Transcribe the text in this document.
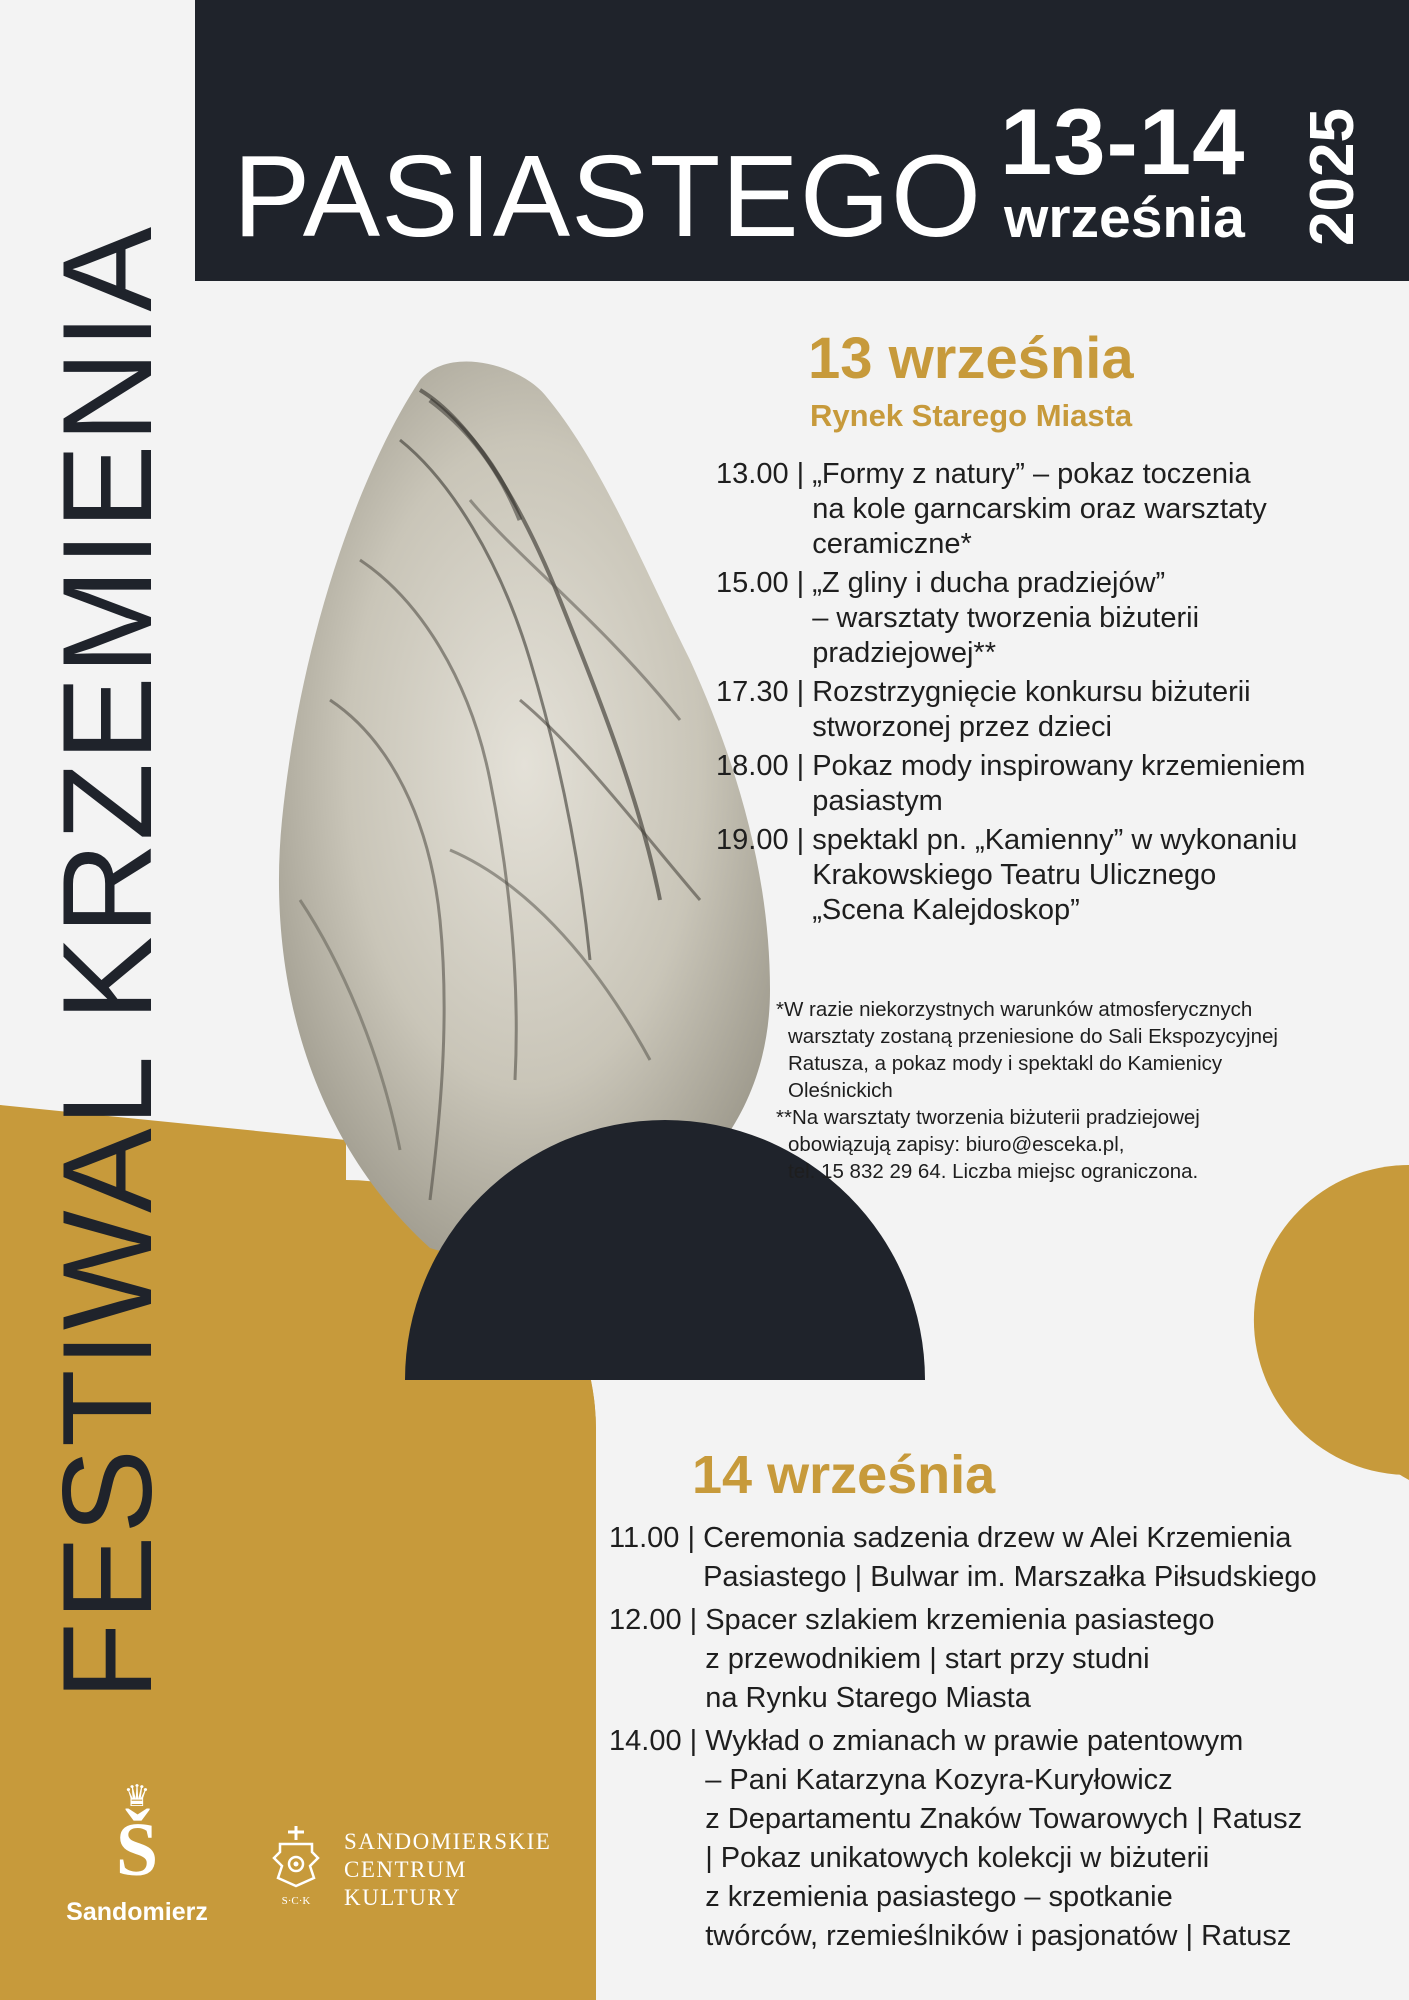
PASIASTEGO 13-14
września 2025
FESTIWAL KRZEMIENIA	13 września
Rynek Starego Miasta
13.00 | „Formy z natury” – pokaz toczenia
na kole garncarskim oraz warsztaty
ceramiczne*
15.00 | „Z gliny i ducha pradziejów”
– warsztaty tworzenia biżuterii
pradziejowej**
17.30 | Rozstrzygnięcie konkursu biżuterii
stworzonej przez dzieci
18.00 | Pokaz mody inspirowany krzemieniem
pasiastym
19.00 | spektakl pn. „Kamienny” w wykonaniu
Krakowskiego Teatru Ulicznego
„Scena Kalejdoskop”
*W razie niekorzystnych warunków atmosferycznych
warsztaty zostaną przeniesione do Sali Ekspozycyjnej
Ratusza, a pokaz mody i spektakl do Kamienicy
Oleśnickich
**Na warsztaty tworzenia biżuterii pradziejowej
obowiązują zapisy: biuro@esceka.pl,
tel. 15 832 29 64. Liczba miejsc ograniczona.
14 września
11.00 | Ceremonia sadzenia drzew w Alei Krzemienia
Pasiastego | Bulwar im. Marszałka Piłsudskiego
12.00 | Spacer szlakiem krzemienia pasiastego
z przewodnikiem | start przy studni
na Rynku Starego Miasta
14.00 | Wykład o zmianach w prawie patentowym
– Pani Katarzyna Kozyra-Kuryłowicz
z Departamentu Znaków Towarowych | Ratusz
| Pokaz unikatowych kolekcji w biżuterii
z krzemienia pasiastego – spotkanie
twórców, rzemieślników i pasjonatów | Ratusz
♛
Š
Sandomierz	S·C·K
SANDOMIERSKIE
CENTRUM
KULTURY
